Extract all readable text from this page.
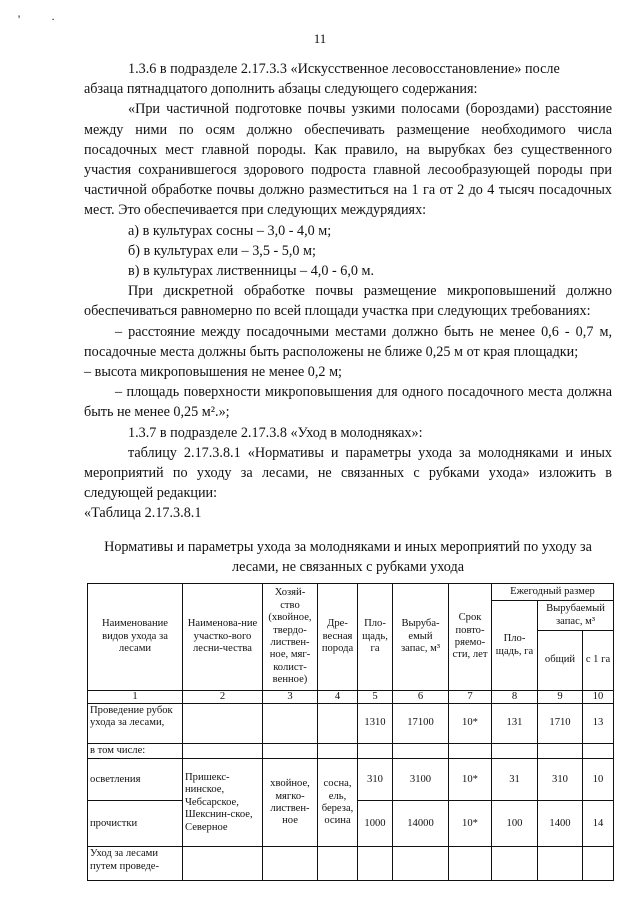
' ·
11

1.3.6 в подразделе 2.17.3.3 «Искусственное лесовосстановление» после

абзаца пятнадцатого дополнить абзацы следующего содержания:

«При частичной подготовке почвы узкими полосами (бороздами) расстояние между ними по осям должно обеспечивать размещение необходимого числа посадочных мест главной породы. Как правило, на вырубках без существенного участия сохранившегося здорового подроста главной лесообразующей породы при частичной обработке почвы должно разместиться на 1 га от 2 до 4 тысяч посадочных мест. Это обеспечивается при следующих междурядиях:

а) в культурах сосны – 3,0 - 4,0 м;

б) в культурах ели – 3,5 - 5,0 м;

в) в культурах лиственницы – 4,0 - 6,0 м.

При дискретной обработке почвы размещение микроповышений должно обеспечиваться равномерно по всей площади участка при следующих требованиях:

– расстояние между посадочными местами должно быть не менее 0,6 - 0,7 м, посадочные места должны быть расположены не ближе 0,25 м от края площадки;

– высота микроповышения не менее 0,2 м;

– площадь поверхности микроповышения для одного посадочного места должна быть не менее 0,25 м².»;

1.3.7 в подразделе 2.17.3.8 «Уход в молодняках»:

таблицу 2.17.3.8.1 «Нормативы и параметры ухода за молодняками и иных мероприятий по уходу за лесами, не связанных с рубками ухода» изложить в следующей редакции:

«Таблица 2.17.3.8.1

Нормативы и параметры ухода за молодняками и иных мероприятий по уходу за
лесами, не связанных с рубками ухода
Наименование видов ухода за лесами	Наименова-ние участко-вого лесни-чества	Хозяй-ство (хвойное, твердо-листвен-ное, мяг-колист-венное)	Дре-весная порода	Пло-щадь, га	Вырубa-емый запас, м³	Срок повто-ряемо-сти, лет	Ежегодный размер		
							Пло-щадь, га	Вырубаемый запас, м³	
								общий	с 1 га
1	2	3	4	5	6	7	8	9	10
Проведение рубок ухода за лесами,				1310	17100	10*	131	1710	13
в том числе:									
осветления	Пришекс-нинское, Чебсарское, Шекснин-ское, Северное	хвойное, мягко-листвен-ное	сосна, ель, береза, осина	310	3100	10*	31	310	10
прочистки				1000	14000	10*	100	1400	14
Уход за лесами путем проведе-									
